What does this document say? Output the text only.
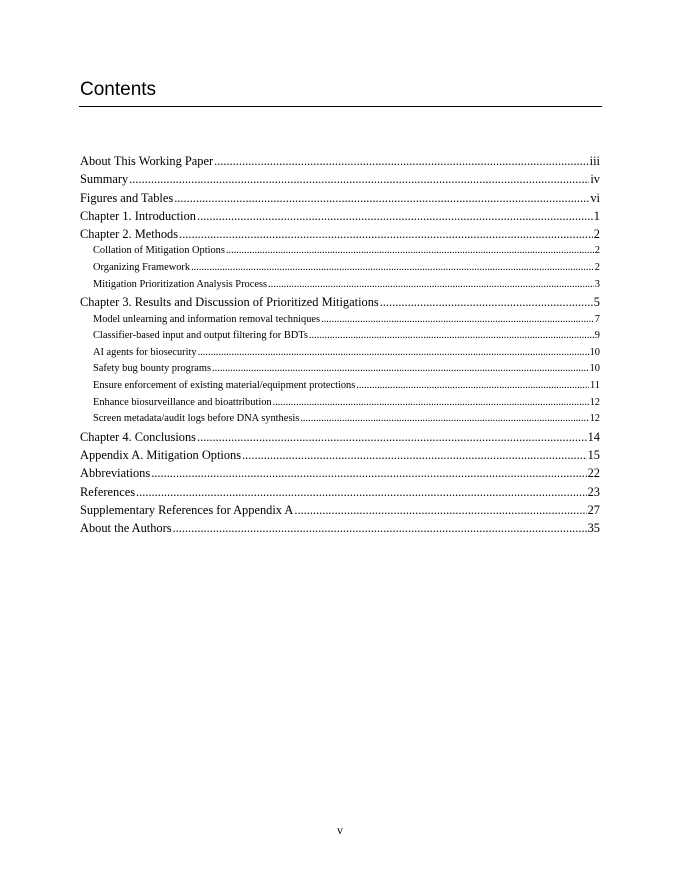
Contents
About This Working Paper .....	iii
Summary .....	iv
Figures and Tables .....	vi
Chapter 1. Introduction .....	1
Chapter 2. Methods .....	2
Collation of Mitigation Options .....	2
Organizing Framework .....	2
Mitigation Prioritization Analysis Process .....	3
Chapter 3. Results and Discussion of Prioritized Mitigations .....	5
Model unlearning and information removal techniques .....	7
Classifier-based input and output filtering for BDTs .....	9
AI agents for biosecurity .....	10
Safety bug bounty programs .....	10
Ensure enforcement of existing material/equipment protections .....	11
Enhance biosurveillance and bioattribution .....	12
Screen metadata/audit logs before DNA synthesis .....	12
Chapter 4. Conclusions .....	14
Appendix A. Mitigation Options .....	15
Abbreviations .....	22
References .....	23
Supplementary References for Appendix A .....	27
About the Authors .....	35
v
